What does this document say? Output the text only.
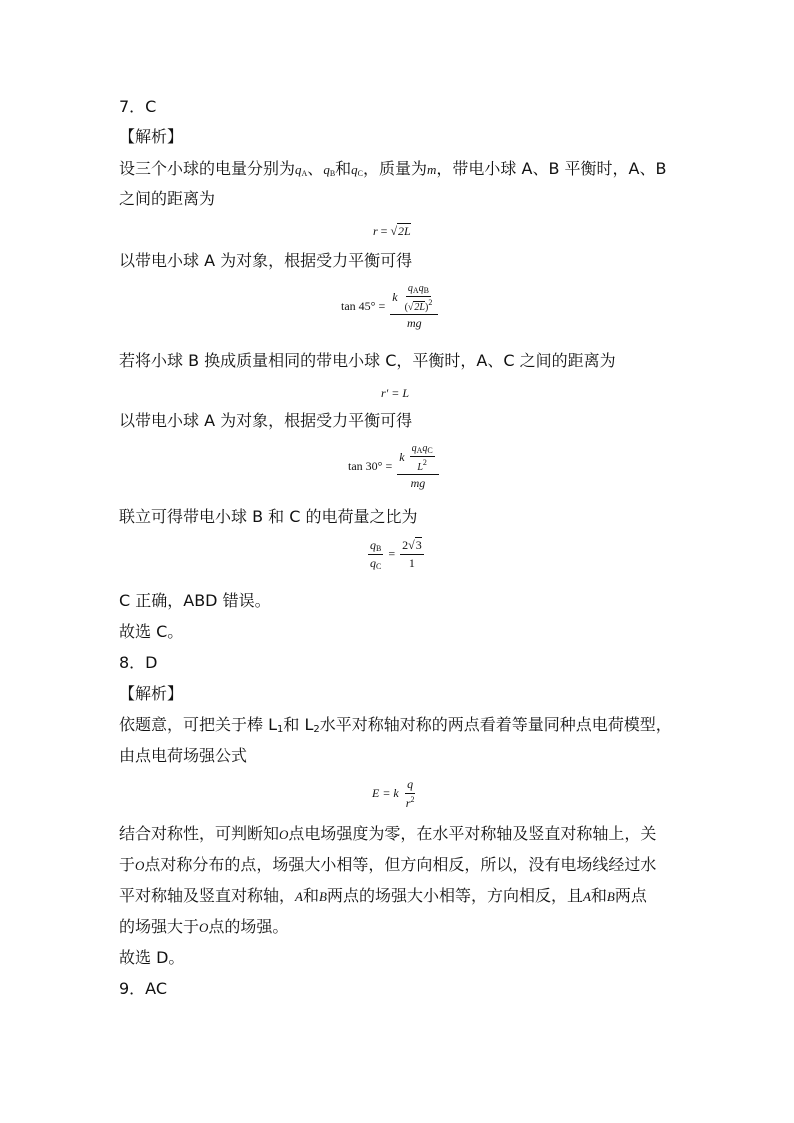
7．C
【解析】
设三个小球的电量分别为$q_A$、$q_B$和$q_C$，质量为m，带电小球 A、B 平衡时，A、B
之间的距离为
r = √2L
以带电小球 A 为对象，根据受力平衡可得
$\tan 45^\circ = \frac{k \frac{q_Aq_B}{(√2L)^2}}{mg}$
若将小球 B 换成质量相同的带电小球 C，平衡时，A、C 之间的距离为
r′ = L
以带电小球 A 为对象，根据受力平衡可得
$\tan 30^\circ = \frac{k \frac{q_Aq_C}{L^2}}{mg}$
联立可得带电小球 B 和 C 的电荷量之比为
$\frac{q_B}{q_C} = \frac{2√3}{1}$
C 正确，ABD 错误。
故选 C。
8．D
【解析】
依题意，可把关于棒 $L_1$和 $L_2$水平对称轴对称的两点看着等量同种点电荷模型，
由点电荷场强公式
E = k $\frac{q}{r^2}$
结合对称性，可判断知O点电场强度为零，在水平对称轴及竖直对称轴上，关
于O点对称分布的点，场强大小相等，但方向相反，所以，没有电场线经过水
平对称轴及竖直对称轴，A和B两点的场强大小相等，方向相反，且A和B两点
的场强大于O点的场强。
故选 D。
9．AC
